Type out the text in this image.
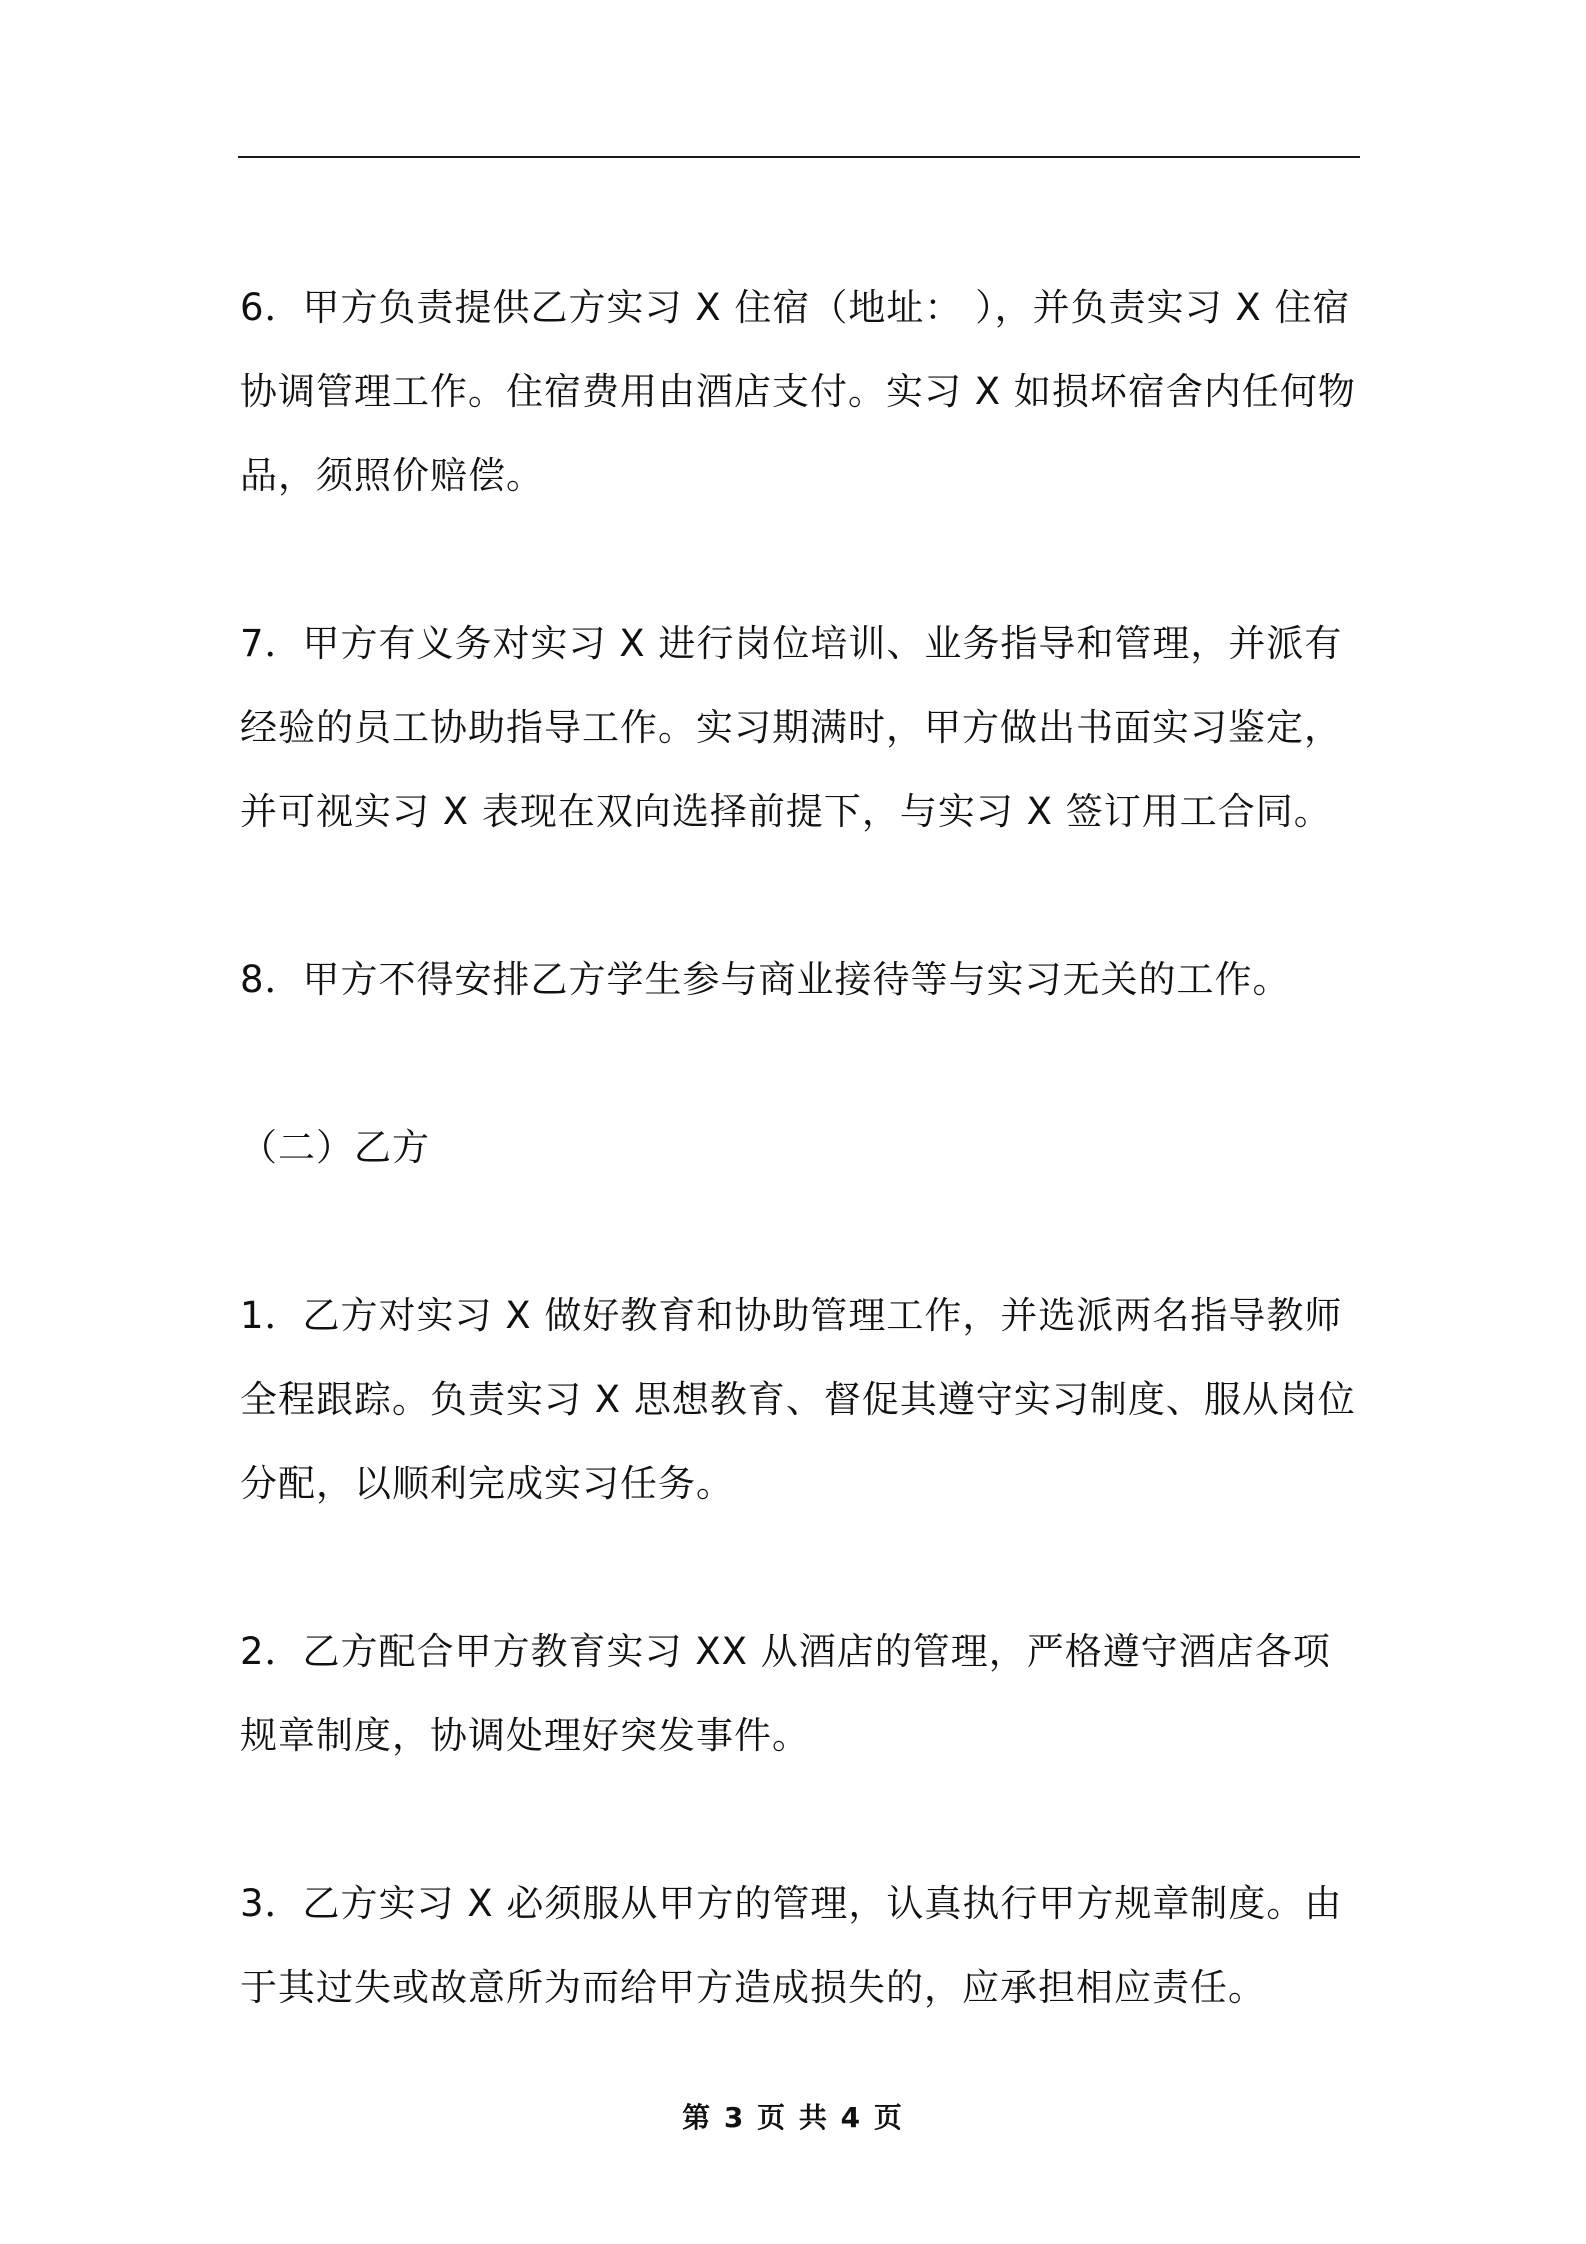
6．甲方负责提供乙方实习 X 住宿（地址： ），并负责实习 X 住宿协调管理工作。住宿费用由酒店支付。实习 X 如损坏宿舍内任何物品，须照价赔偿。

7．甲方有义务对实习 X 进行岗位培训、业务指导和管理，并派有经验的员工协助指导工作。实习期满时，甲方做出书面实习鉴定，并可视实习 X 表现在双向选择前提下，与实习 X 签订用工合同。

8．甲方不得安排乙方学生参与商业接待等与实习无关的工作。

（二）乙方

1．乙方对实习 X 做好教育和协助管理工作，并选派两名指导教师全程跟踪。负责实习 X 思想教育、督促其遵守实习制度、服从岗位分配，以顺利完成实习任务。

2．乙方配合甲方教育实习 XX 从酒店的管理，严格遵守酒店各项规章制度，协调处理好突发事件。

3．乙方实习 X 必须服从甲方的管理，认真执行甲方规章制度。由于其过失或故意所为而给甲方造成损失的，应承担相应责任。

第 3 页 共 4 页
